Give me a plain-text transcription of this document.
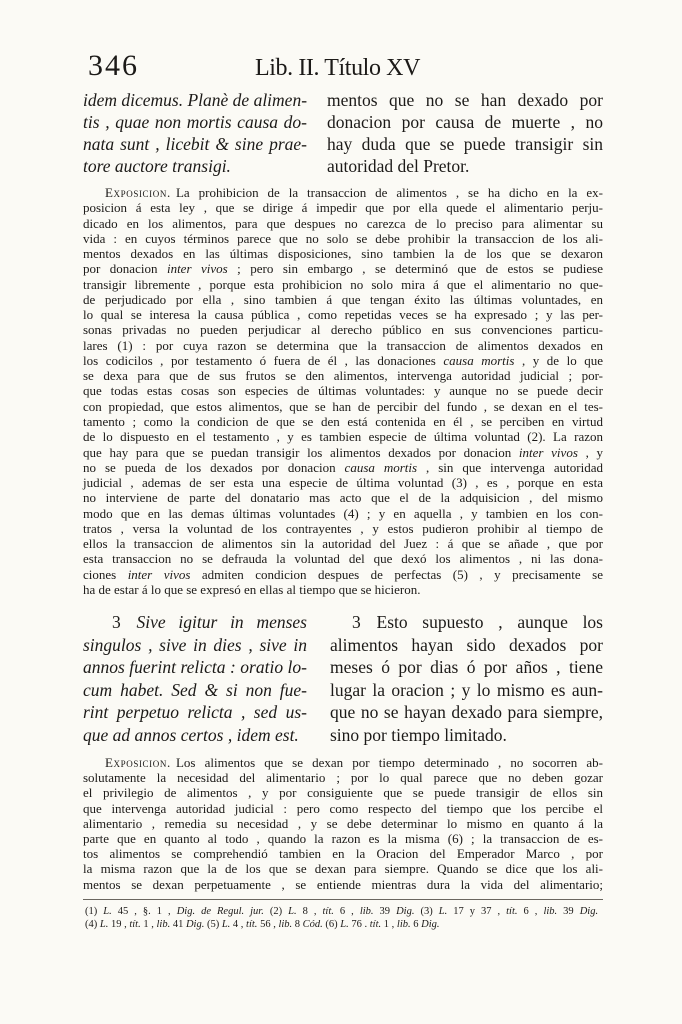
346	Lib. II. Título XV
idem dicemus. Planè de alimen-
tis , quae non mortis causa do-
nata sunt , licebit & sine prae-
tore auctore transigi.
mentos que no se han dexado por
donacion por causa de muerte , no
hay duda que se puede transigir sin
autoridad del Pretor.
Exposicion. La prohibicion de la transaccion de alimentos , se ha dicho en la ex-
posicion á esta ley , que se dirige á impedir que por ella quede el alimentario perju-
dicado en los alimentos, para que despues no carezca de lo preciso para alimentar su
vida : en cuyos términos parece que no solo se debe prohibir la transaccion de los ali-
mentos dexados en las últimas disposiciones, sino tambien la de los que se dexaron
por donacion inter vivos ; pero sin embargo , se determinó que de estos se pudiese
transigir libremente , porque esta prohibicion no solo mira á que el alimentario no que-
de perjudicado por ella , sino tambien á que tengan éxito las últimas voluntades, en
lo qual se interesa la causa pública , como repetidas veces se ha expresado ; y las per-
sonas privadas no pueden perjudicar al derecho público en sus convenciones particu-
lares (1) : por cuya razon se determina que la transaccion de alimentos dexados en
los codicilos , por testamento ó fuera de él , las donaciones causa mortis , y de lo que
se dexa para que de sus frutos se den alimentos, intervenga autoridad judicial ; por-
que todas estas cosas son especies de últimas voluntades: y aunque no se puede decir
con propiedad, que estos alimentos, que se han de percibir del fundo , se dexan en el tes-
tamento ; como la condicion de que se den está contenida en él , se perciben en virtud
de lo dispuesto en el testamento , y es tambien especie de última voluntad (2). La razon
que hay para que se puedan transigir los alimentos dexados por donacion inter vivos , y
no se pueda de los dexados por donacion causa mortis , sin que intervenga autoridad
judicial , ademas de ser esta una especie de última voluntad (3) , es , porque en esta
no interviene de parte del donatario mas acto que el de la adquisicion , del mismo
modo que en las demas últimas voluntades (4) ; y en aquella , y tambien en los con-
tratos , versa la voluntad de los contrayentes , y estos pudieron prohibir al tiempo de
ellos la transaccion de alimentos sin la autoridad del Juez : á que se añade , que por
esta transaccion no se defrauda la voluntad del que dexó los alimentos , ni las dona-
ciones inter vivos admiten condicion despues de perfectas (5) , y precisamente se
ha de estar á lo que se expresó en ellas al tiempo que se hicieron.
3 Sive igitur in menses
singulos , sive in dies , sive in
annos fuerint relicta : oratio lo-
cum habet. Sed & si non fue-
rint perpetuo relicta , sed us-
que ad annos certos , idem est.
3 Esto supuesto , aunque los
alimentos hayan sido dexados por
meses ó por dias ó por años , tiene
lugar la oracion ; y lo mismo es aun-
que no se hayan dexado para siempre,
sino por tiempo limitado.
Exposicion. Los alimentos que se dexan por tiempo determinado , no socorren ab-
solutamente la necesidad del alimentario ; por lo qual parece que no deben gozar
el privilegio de alimentos , y por consiguiente que se puede transigir de ellos sin
que intervenga autoridad judicial : pero como respecto del tiempo que los percibe el
alimentario , remedia su necesidad , y se debe determinar lo mismo en quanto á la
parte que en quanto al todo , quando la razon es la misma (6) ; la transaccion de es-
tos alimentos se comprehendió tambien en la Oracion del Emperador Marco , por
la misma razon que la de los que se dexan para siempre. Quando se dice que los ali-
mentos se dexan perpetuamente , se entiende mientras dura la vida del alimentario;
(1) L. 45 , §. 1 , Dig. de Regul. jur. (2) L. 8 , tít. 6 , lib. 39 Dig. (3) L. 17 y 37 , tít. 6 , lib. 39 Dig.
(4) L. 19 , tít. 1 , lib. 41 Dig. (5) L. 4 , tít. 56 , lib. 8 Cód. (6) L. 76 . tít. 1 , lib. 6 Dig.
